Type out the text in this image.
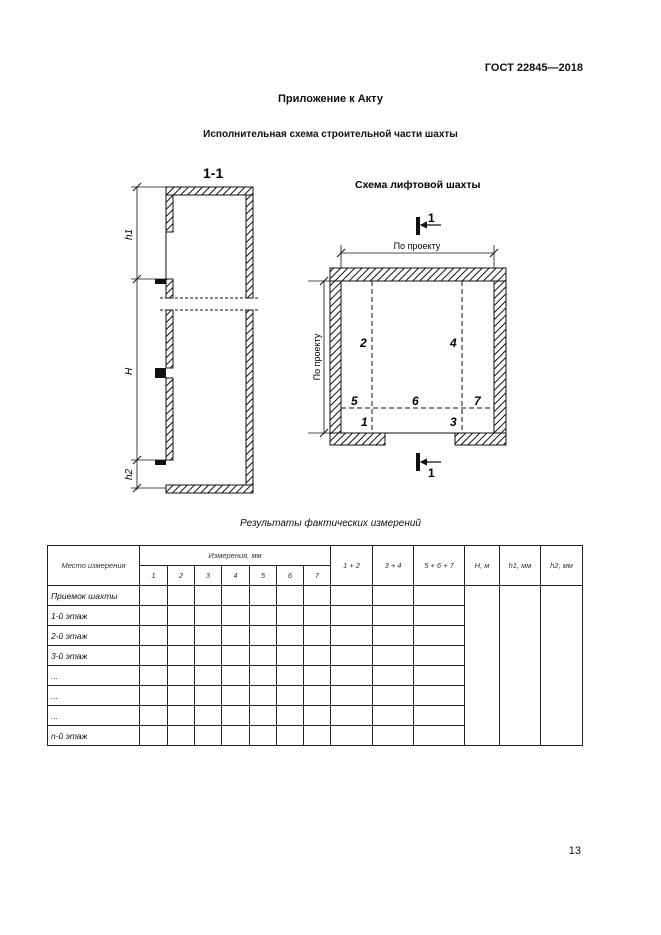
ГОСТ 22845—2018
Приложение к Акту
Исполнительная схема строительной части шахты
1-1
h1
H
h2
Схема лифтовой шахты
1
1
По проекту
По проекту
1
2
3
4
5	6	7
Результаты фактических измерений
Место измерения	Измерения, мм							1 + 2	3 + 4	5 + 6 + 7	H, м	h1, мм	h2, мм
	1	2	3	4	5	6	7						
Приемок шахты													
1-й этаж													
2-й этаж													
3-й этаж													
...													
...													
...													
n-й этаж													
13
